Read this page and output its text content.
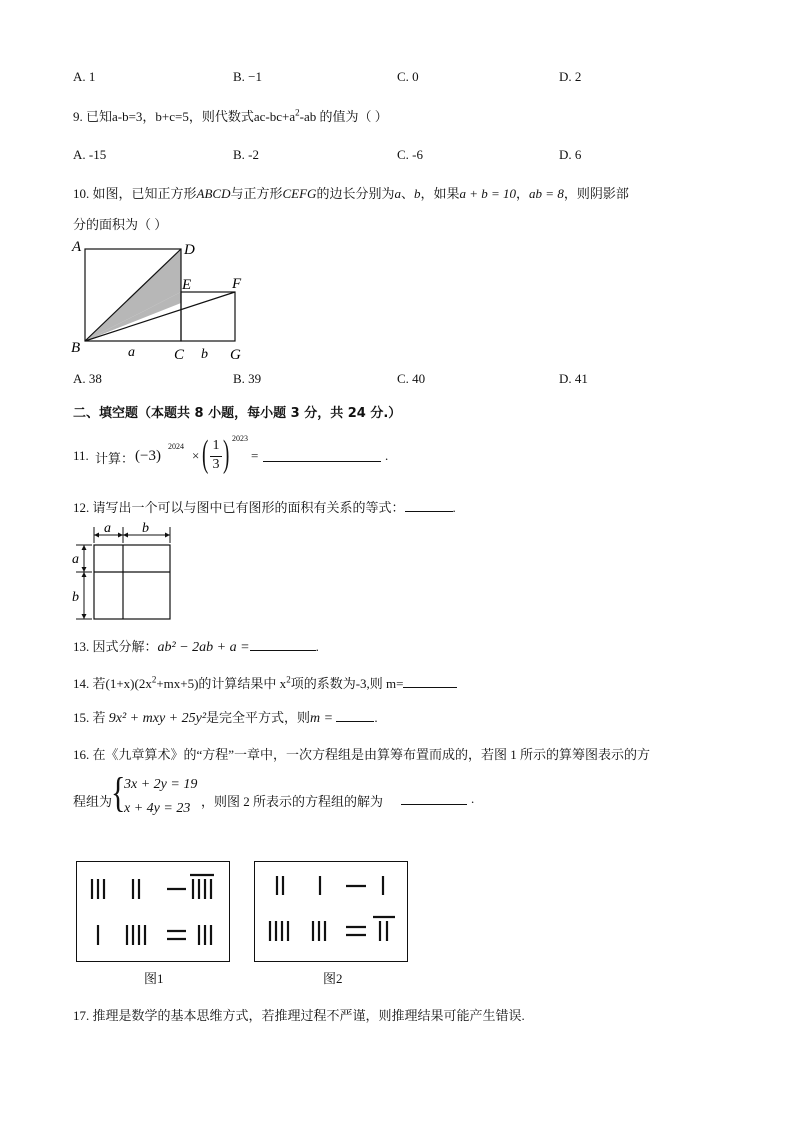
A. 1	B. −1	C. 0	D. 2
9. 已知a-b=3，b+c=5，则代数式$ac-bc+a^2-ab$ 的值为（ ）
A. -15	B. -2	C. -6	D. 6
10. 如图，已知正方形ABCD与正方形CEFG的边长分别为a、b，如果a + b = 10，ab = 8，则阴影部
分的面积为（ ）
A
B	C
D
E	F
G
a	b
A. 38	B. 39	C. 40	D. 41
二、填空题（本题共 8 小题，每小题 3 分，共 24 分.）
11. 计算： (−3)
2024
× ( 1
3 ) 2023
=	.
12. 请写出一个可以与图中已有图形的面积有关系的等式：	.
a b
a
b
13. 因式分解：ab² − 2ab + a =	.
14. 若$(1+x)(2x^2+mx+5)$的计算结果中 $x^2$项的系数为-3,则 m=
15. 若 9x² + mxy + 25y²是完全平方式，则m =	.
16. 在《九章算术》的“方程”一章中，一次方程组是由算筹布置而成的，若图 1 所示的算筹图表示的方
程组为
{
3x + 2y = 19
x + 4y = 23 ，则图 2 所表示的方程组的解为	.
图1	图2
17. 推理是数学的基本思维方式，若推理过程不严谨，则推理结果可能产生错误.
